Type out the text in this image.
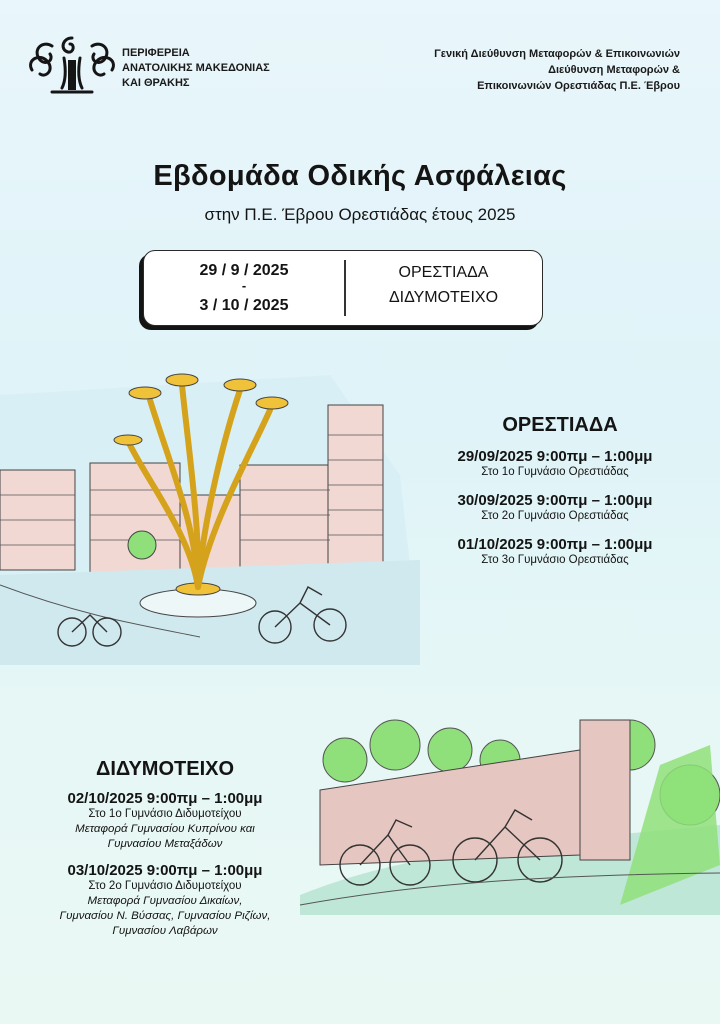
ΠΕΡΙΦΕΡΕΙΑ
ΑΝΑΤΟΛΙΚΗΣ ΜΑΚΕΔΟΝΙΑΣ
ΚΑΙ ΘΡΑΚΗΣ
Γενική Διεύθυνση Μεταφορών & Επικοινωνιών
Διεύθυνση Μεταφορών &
Επικοινωνιών Ορεστιάδας Π.Ε. Έβρου
Εβδομάδα Οδικής Ασφάλειας
στην Π.Ε. Έβρου Ορεστιάδας έτους 2025
29 / 9 / 2025
-
3 / 10 / 2025
ΟΡΕΣΤΙΑΔΑ
ΔΙΔΥΜΟΤΕΙΧΟ
ΟΡΕΣΤΙΑΔΑ
29/09/2025 9:00πμ – 1:00μμ
Στο 1ο Γυμνάσιο Ορεστιάδας
30/09/2025 9:00πμ – 1:00μμ
Στο 2ο Γυμνάσιο Ορεστιάδας
01/10/2025 9:00πμ – 1:00μμ
Στο 3ο Γυμνάσιο Ορεστιάδας
ΔΙΔΥΜΟΤΕΙΧΟ
02/10/2025 9:00πμ – 1:00μμ
Στο 1ο Γυμνάσιο Διδυμοτείχου
Μεταφορά Γυμνασίου Κυπρίνου και
Γυμνασίου Μεταξάδων
03/10/2025 9:00πμ – 1:00μμ
Στο 2ο Γυμνάσιο Διδυμοτείχου
Μεταφορά Γυμνασίου Δικαίων,
Γυμνασίου Ν. Βύσσας, Γυμνασίου Ριζίων,
Γυμνασίου Λαβάρων
